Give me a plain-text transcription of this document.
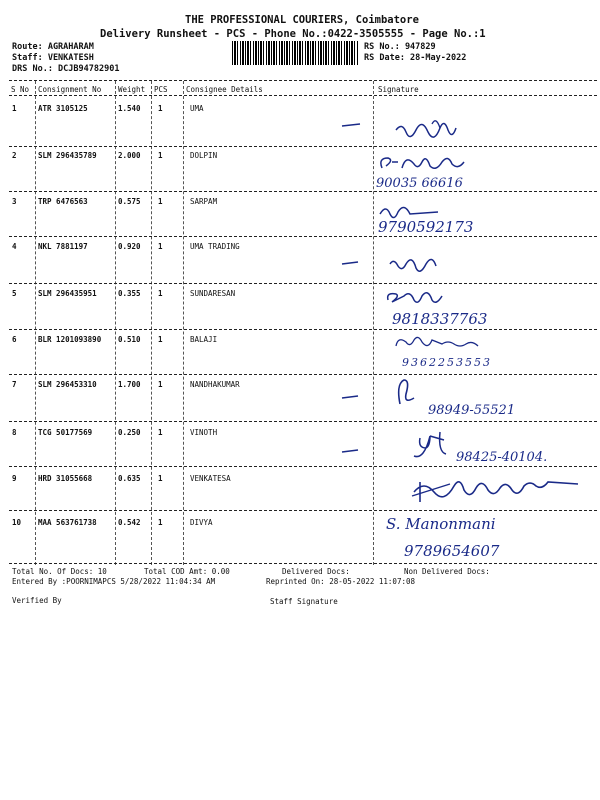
THE PROFESSIONAL COURIERS, Coimbatore
Delivery Runsheet - PCS - Phone No.:0422-3505555 - Page No.:1
Route: AGRAHARAM
Staff: VENKATESH
DRS No.: DCJB94782901
RS No.: 947829
RS Date: 28-May-2022
S No Consignment No Weight PCS Consignee Details	Signature
1	ATR 3105125	1.540 1	UMA
2	SLM 296435789	2.000 1	DOLPIN
90035 66616
3	TRP 6476563	0.575 1	SARPAM
9790592173
4	NKL 7881197	0.920 1	UMA TRADING
5	SLM 296435951	0.355 1	SUNDARESAN
9818337763
6	BLR 1201093890 0.510 1	BALAJI
9362253553
7	SLM 296453310	1.700 1	NANDHAKUMAR
98949-55521
8	TCG 50177569	0.250 1	VINOTH
98425-40104.
9	HRD 31055668	0.635 1	VENKATESA
10 MAA 563761738	0.542 1	DIVYA	S. Manonmani
9789654607
Total No. Of Docs: 10	Total COD Amt: 0.00	Delivered Docs:	Non Delivered Docs:
Entered By :POORNIMAPCS 5/28/2022 11:04:34 AM	Reprinted On: 28-05-2022 11:07:08
Verified By	Staff Signature
